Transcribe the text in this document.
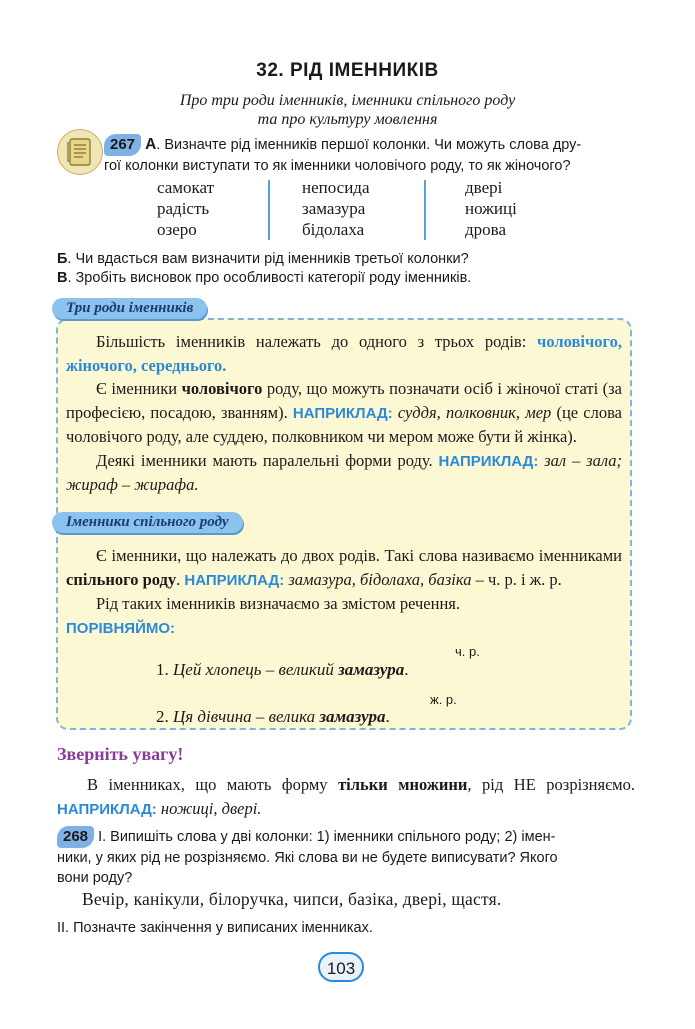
32. РІД ІМЕННИКІВ
Про три роди іменників, іменники спільного роду
та про культуру мовлення
267 А. Визначте рід іменників першої колонки. Чи можуть слова дру-
гої колонки виступати то як іменники чоловічого роду, то як жіночого?
самокат
радість
озеро
непосида
замазура
бідолаха
двері
ножиці
дрова
Б. Чи вдасться вам визначити рід іменників третьої колонки?
В. Зробіть висновок про особливості категорії роду іменників.
Три роди іменників
Більшість іменників належать до одного з трьох родів: чоловічого, жіночого, середнього.
Є іменники чоловічого роду, що можуть позначати осіб і жіночої статі (за професією, посадою, званням). НАПРИКЛАД: суддя, полковник, мер (це слова чоловічого роду, але суддею, полковником чи мером може бути й жінка).
Деякі іменники мають паралельні форми роду. НАПРИКЛАД: зал – зала; жираф – жирафа.
Іменники спільного роду
Є іменники, що належать до двох родів. Такі слова називаємо іменниками спільного роду. НАПРИКЛАД: замазура, бідолаха, базіка – ч. р. і ж. р.
Рід таких іменників визначаємо за змістом речення.
ПОРІВНЯЙМО:
ч. р.
1. Цей хлопець – великий замазура.
ж. р.
2. Ця дівчина – велика замазура.
Зверніть увагу!
В іменниках, що мають форму тільки множини, рід НЕ розрізняємо. НАПРИКЛАД: ножиці, двері.
268 І. Випишіть слова у дві колонки: 1) іменники спільного роду; 2) імен-
ники, у яких рід не розрізняємо. Які слова ви не будете виписувати? Якого
вони роду?
Вечір, канікули, білоручка, чипси, базіка, двері, щастя.
ІІ. Позначте закінчення у виписаних іменниках.
103
